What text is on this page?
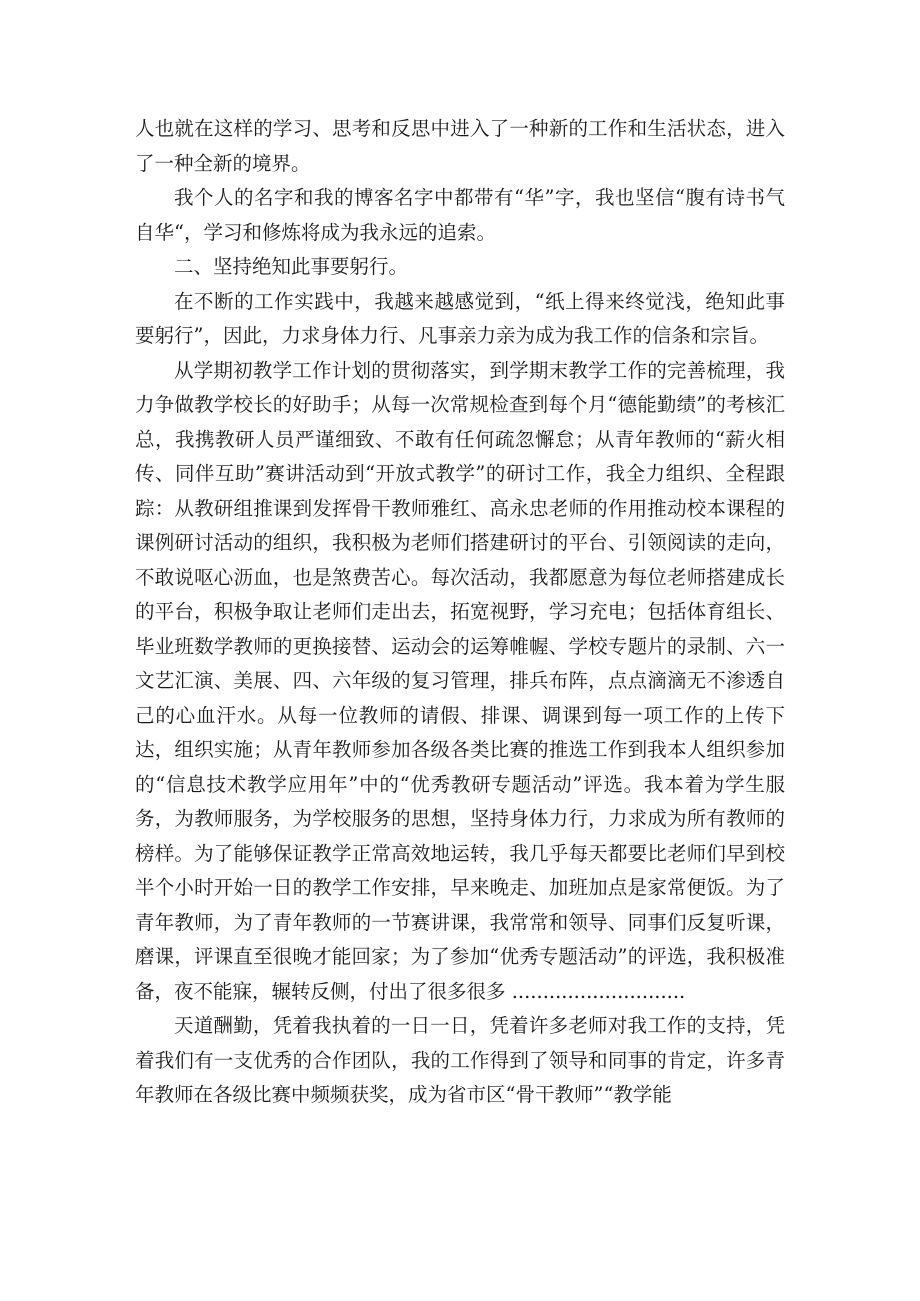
人也就在这样的学习、思考和反思中进入了一种新的工作和生活状态，进入了一种全新的境界。

我个人的名字和我的博客名字中都带有“华”字，我也坚信“腹有诗书气自华“，学习和修炼将成为我永远的追索。

二、坚持绝知此事要躬行。

在不断的工作实践中，我越来越感觉到，“纸上得来终觉浅，绝知此事要躬行”，因此，力求身体力行、凡事亲力亲为成为我工作的信条和宗旨。

从学期初教学工作计划的贯彻落实，到学期末教学工作的完善梳理，我力争做教学校长的好助手；从每一次常规检查到每个月“德能勤绩”的考核汇总，我携教研人员严谨细致、不敢有任何疏忽懈怠；从青年教师的“薪火相传、同伴互助”赛讲活动到“开放式教学”的研讨工作，我全力组织、全程跟踪：从教研组推课到发挥骨干教师雅红、高永忠老师的作用推动校本课程的课例研讨活动的组织，我积极为老师们搭建研讨的平台、引领阅读的走向，不敢说呕心沥血，也是煞费苦心。每次活动，我都愿意为每位老师搭建成长的平台，积极争取让老师们走出去，拓宽视野，学习充电；包括体育组长、毕业班数学教师的更换接替、运动会的运筹帷幄、学校专题片的录制、六一文艺汇演、美展、四、六年级的复习管理，排兵布阵，点点滴滴无不渗透自己的心血汗水。从每一位教师的请假、排课、调课到每一项工作的上传下达，组织实施；从青年教师参加各级各类比赛的推选工作到我本人组织参加的“信息技术教学应用年”中的“优秀教研专题活动”评选。我本着为学生服务，为教师服务，为学校服务的思想，坚持身体力行，力求成为所有教师的榜样。为了能够保证教学正常高效地运转，我几乎每天都要比老师们早到校半个小时开始一日的教学工作安排，早来晚走、加班加点是家常便饭。为了青年教师，为了青年教师的一节赛讲课，我常常和领导、同事们反复听课，磨课，评课直至很晚才能回家；为了参加“优秀专题活动”的评选，我积极准备，夜不能寐，辗转反侧，付出了很多很多 ............................

天道酬勤，凭着我执着的一日一日，凭着许多老师对我工作的支持，凭着我们有一支优秀的合作团队，我的工作得到了领导和同事的肯定，许多青年教师在各级比赛中频频获奖，成为省市区“骨干教师”“教学能
